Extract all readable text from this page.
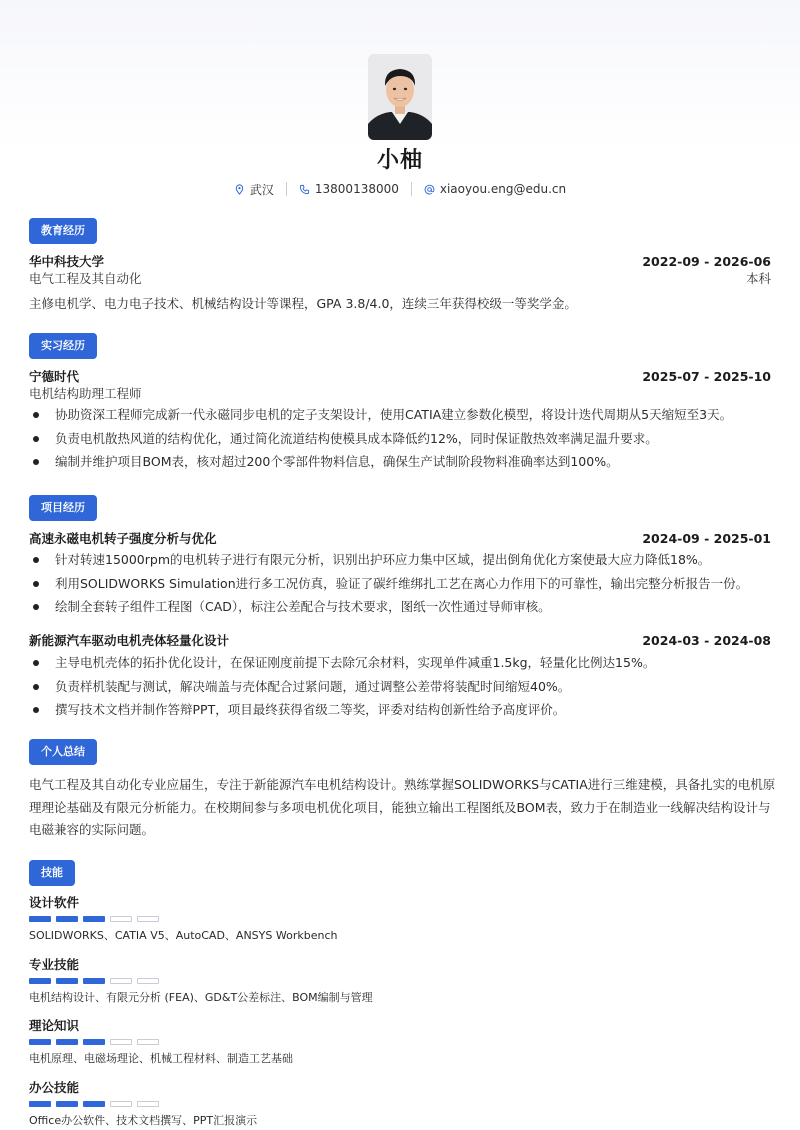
小柚
武汉	13800138000	xiaoyou.eng@edu.cn
教育经历
华中科技大学	2022-09 - 2026-06
电气工程及其自动化	本科
主修电机学、电力电子技术、机械结构设计等课程，GPA 3.8/4.0，连续三年获得校级一等奖学金。
实习经历
宁德时代	2025-07 - 2025-10
电机结构助理工程师
协助资深工程师完成新一代永磁同步电机的定子支架设计，使用CATIA建立参数化模型，将设计迭代周期从5天缩短至3天。
负责电机散热风道的结构优化，通过简化流道结构使模具成本降低约12%，同时保证散热效率满足温升要求。
编制并维护项目BOM表，核对超过200个零部件物料信息，确保生产试制阶段物料准确率达到100%。
项目经历
高速永磁电机转子强度分析与优化	2024-09 - 2025-01
针对转速15000rpm的电机转子进行有限元分析，识别出护环应力集中区域，提出倒角优化方案使最大应力降低18%。
利用SOLIDWORKS Simulation进行多工况仿真，验证了碳纤维绑扎工艺在离心力作用下的可靠性，输出完整分析报告一份。
绘制全套转子组件工程图（CAD），标注公差配合与技术要求，图纸一次性通过导师审核。
新能源汽车驱动电机壳体轻量化设计	2024-03 - 2024-08
主导电机壳体的拓扑优化设计，在保证刚度前提下去除冗余材料，实现单件减重1.5kg，轻量化比例达15%。
负责样机装配与测试，解决端盖与壳体配合过紧问题，通过调整公差带将装配时间缩短40%。
撰写技术文档并制作答辩PPT，项目最终获得省级二等奖，评委对结构创新性给予高度评价。
个人总结
电气工程及其自动化专业应届生，专注于新能源汽车电机结构设计。熟练掌握SOLIDWORKS与CATIA进行三维建模，具备扎实的电机原理理论基础及有限元分析能力。在校期间参与多项电机优化项目，能独立输出工程图纸及BOM表，致力于在制造业一线解决结构设计与电磁兼容的实际问题。
技能
设计软件
SOLIDWORKS、CATIA V5、AutoCAD、ANSYS Workbench
专业技能
电机结构设计、有限元分析 (FEA)、GD&T公差标注、BOM编制与管理
理论知识
电机原理、电磁场理论、机械工程材料、制造工艺基础
办公技能
Office办公软件、技术文档撰写、PPT汇报演示
